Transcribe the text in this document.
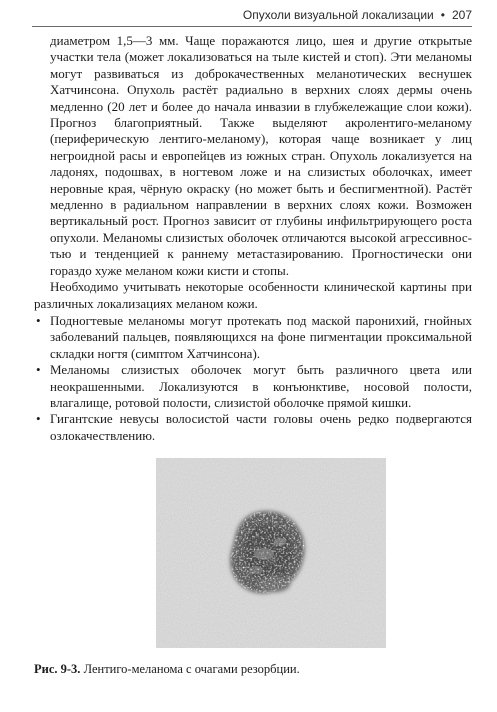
Опухоли визуальной локализации • 207

диаметром 1,5—3 мм. Чаще поражаются лицо, шея и другие открытые участки тела (может локализоваться на тыле кистей и стоп). Эти меланомы могут развиваться из доброкачественных меланотических веснушек Хатчинсона. Опухоль растёт радиально в верхних слоях дермы очень медленно (20 лет и более до начала инвазии в глубжележащие слои кожи). Прогноз благоприятный. Также выделяют акролентиго-меланому (периферическую лентиго-меланому), которая чаще возникает у лиц негроидной расы и европейцев из южных стран. Опухоль локализуется на ладонях, подошвах, в ногтевом ложе и на слизистых оболочках, имеет неровные края, чёрную окраску (но может быть и беспигментной). Растёт медленно в радиальном направлении в верхних слоях кожи. Возможен вертикальный рост. Прогноз зависит от глубины инфильтрирующего роста опухоли. Меланомы слизистых оболочек отличаются высокой агрессивностью и тенденцией к раннему метастазированию. Прогностически они гораздо хуже меланом кожи кисти и стопы.

Необходимо учитывать некоторые особенности клинической картины при различных локализациях меланом кожи.

• Подногтевые меланомы могут протекать под маской паронихий, гнойных заболеваний пальцев, появляющихся на фоне пигментации проксимальной складки ногтя (симптом Хатчинсона).
• Меланомы слизистых оболочек могут быть различного цвета или неокрашенными. Локализуются в конъюнктиве, носовой полости, влагалище, ротовой полости, слизистой оболочке прямой кишки.
• Гигантские невусы волосистой части головы очень редко подвергаются озлокачествлению.
Рис. 9-3. Лентиго-меланома с очагами резорбции.
